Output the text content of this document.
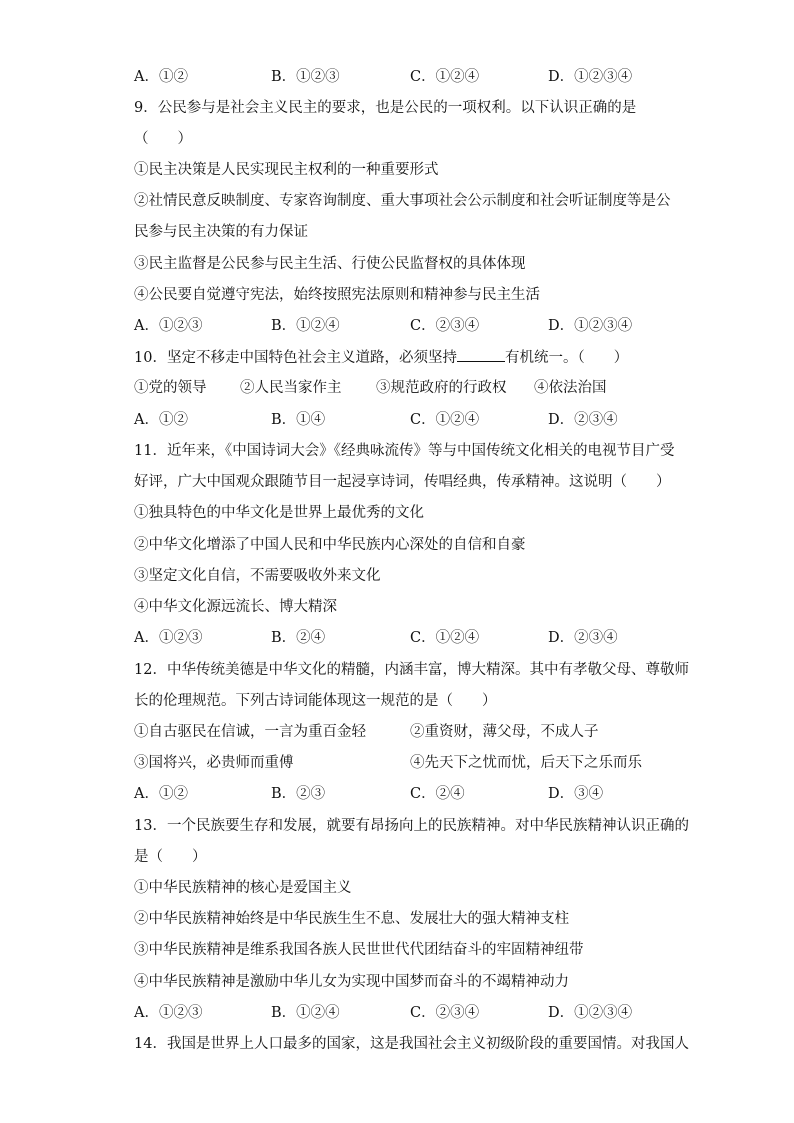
A．①②	B．①②③	C．①②④	D．①②③④
9．公民参与是社会主义民主的要求，也是公民的一项权利。以下认识正确的是
（　　）
①民主决策是人民实现民主权利的一种重要形式
②社情民意反映制度、专家咨询制度、重大事项社会公示制度和社会听证制度等是公
民参与民主决策的有力保证
③民主监督是公民参与民主生活、行使公民监督权的具体体现
④公民要自觉遵守宪法，始终按照宪法原则和精神参与民主生活
A．①②③	B．①②④	C．②③④	D．①②③④
10．坚定不移走中国特色社会主义道路，必须坚持	有机统一。（　　）
①党的领导 ②人民当家作主 ③规范政府的行政权 ④依法治国
A．①②	B．①④	C．①②④	D．②③④
11．近年来，《中国诗词大会》《经典咏流传》等与中国传统文化相关的电视节目广受
好评，广大中国观众跟随节目一起浸享诗词，传唱经典，传承精神。这说明（　　）
①独具特色的中华文化是世界上最优秀的文化
②中华文化增添了中国人民和中华民族内心深处的自信和自豪
③坚定文化自信，不需要吸收外来文化
④中华文化源远流长、博大精深
A．①②③	B．②④	C．①②④	D．②③④
12．中华传统美德是中华文化的精髓，内涵丰富，博大精深。其中有孝敬父母、尊敬师
长的伦理规范。下列古诗词能体现这一规范的是（　　）
①自古驱民在信诚，一言为重百金轻	②重资财，薄父母，不成人子
③国将兴，必贵师而重傅	④先天下之忧而忧，后天下之乐而乐
A．①②	B．②③	C．②④	D．③④
13．一个民族要生存和发展，就要有昂扬向上的民族精神。对中华民族精神认识正确的
是（　　）
①中华民族精神的核心是爱国主义
②中华民族精神始终是中华民族生生不息、发展壮大的强大精神支柱
③中华民族精神是维系我国各族人民世世代代团结奋斗的牢固精神纽带
④中华民族精神是激励中华儿女为实现中国梦而奋斗的不竭精神动力
A．①②③	B．①②④	C．②③④	D．①②③④
14．我国是世界上人口最多的国家，这是我国社会主义初级阶段的重要国情。对我国人
